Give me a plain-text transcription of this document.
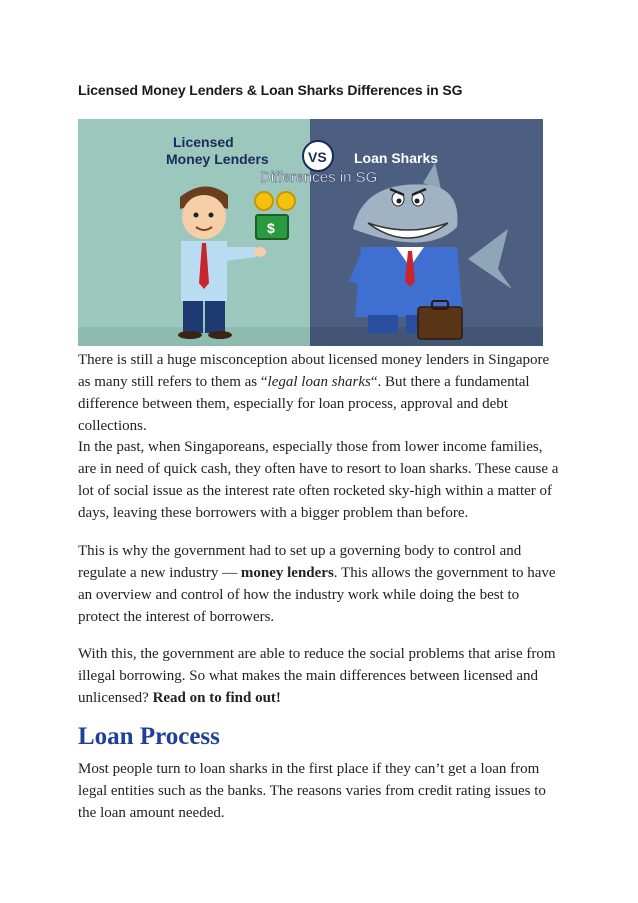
Licensed Money Lenders & Loan Sharks Differences in SG
Licensed
Money Lenders	Loan Sharks
VS
Differences in SG
$

There is still a huge misconception about licensed money lenders in Singapore as many still refers to them as “legal loan sharks“. But there a fundamental difference between them, especially for loan process, approval and debt collections.

In the past, when Singaporeans, especially those from lower income families, are in need of quick cash, they often have to resort to loan sharks. These cause a lot of social issue as the interest rate often rocketed sky-high within a matter of days, leaving these borrowers with a bigger problem than before.

This is why the government had to set up a governing body to control and regulate a new industry — money lenders. This allows the government to have an overview and control of how the industry work while doing the best to protect the interest of borrowers.

With this, the government are able to reduce the social problems that arise from illegal borrowing. So what makes the main differences between licensed and unlicensed? Read on to find out!

Loan Process

Most people turn to loan sharks in the first place if they can’t get a loan from legal entities such as the banks. The reasons varies from credit rating issues to the loan amount needed.
